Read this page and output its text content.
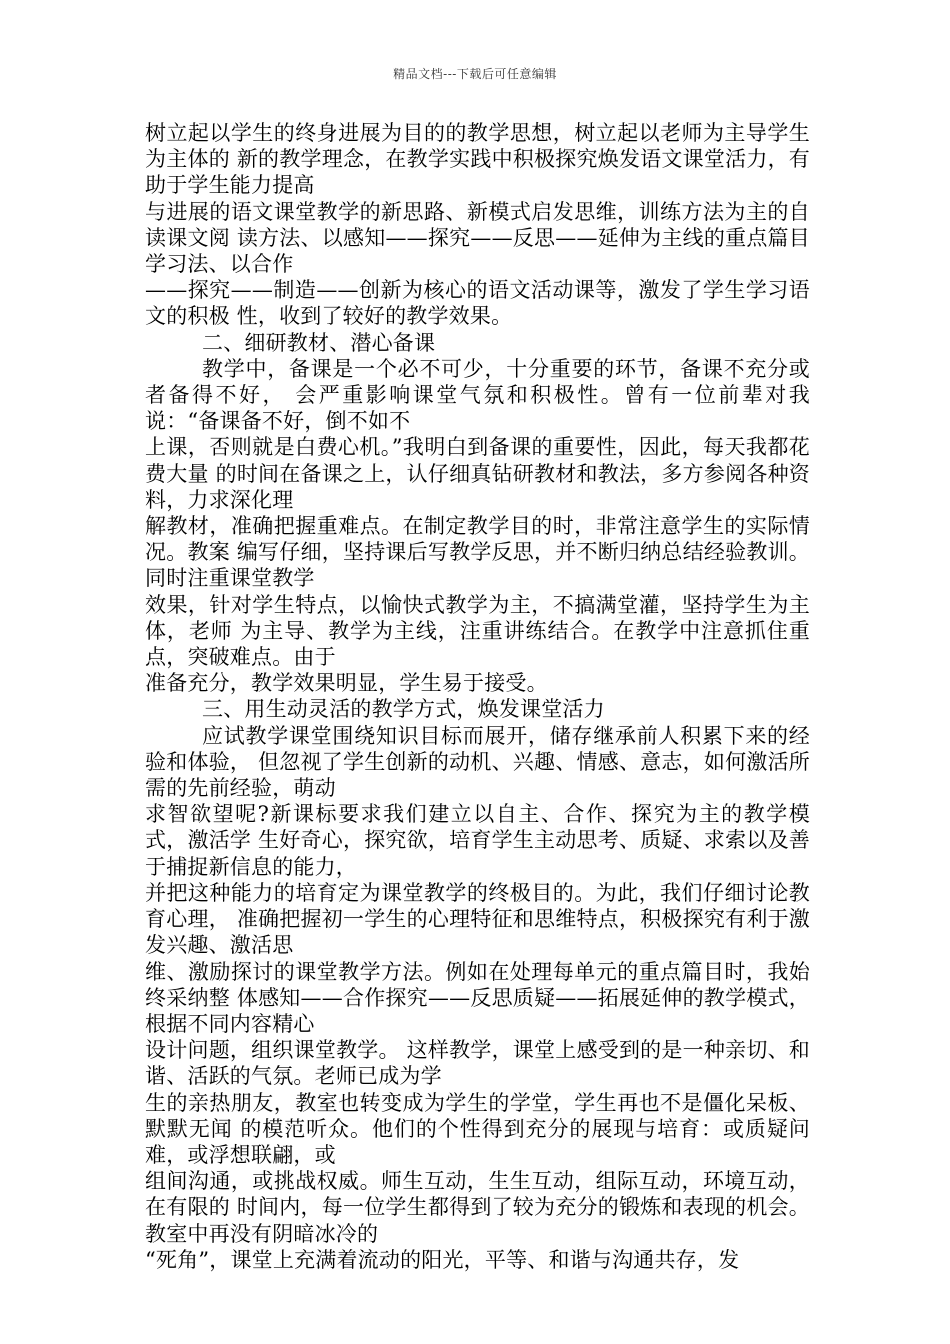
精品文档---下载后可任意编辑

树立起以学生的终身进展为目的的教学思想，树立起以老师为主导学生为主体的 新的教学理念，在教学实践中积极探究焕发语文课堂活力，有助于学生能力提高

与进展的语文课堂教学的新思路、新模式启发思维，训练方法为主的自读课文阅 读方法、以感知——探究——反思——延伸为主线的重点篇目学习法、以合作

——探究——制造——创新为核心的语文活动课等，激发了学生学习语文的积极 性，收到了较好的教学效果。

二、细研教材、潜心备课

教学中，备课是一个必不可少，十分重要的环节，备课不充分或者备得不好， 会严重影响课堂气氛和积极性。曾有一位前辈对我说：“备课备不好，倒不如不

上课，否则就是白费心机。”我明白到备课的重要性，因此，每天我都花费大量 的时间在备课之上，认仔细真钻研教材和教法，多方参阅各种资料，力求深化理

解教材，准确把握重难点。在制定教学目的时，非常注意学生的实际情况。教案 编写仔细，坚持课后写教学反思，并不断归纳总结经验教训。同时注重课堂教学

效果，针对学生特点，以愉快式教学为主，不搞满堂灌，坚持学生为主体，老师 为主导、教学为主线，注重讲练结合。在教学中注意抓住重点，突破难点。由于

准备充分，教学效果明显，学生易于接受。

三、用生动灵活的教学方式，焕发课堂活力

应试教学课堂围绕知识目标而展开，储存继承前人积累下来的经验和体验， 但忽视了学生创新的动机、兴趣、情感、意志，如何激活所需的先前经验，萌动

求智欲望呢?新课标要求我们建立以自主、合作、探究为主的教学模式，激活学 生好奇心，探究欲，培育学生主动思考、质疑、求索以及善于捕捉新信息的能力，

并把这种能力的培育定为课堂教学的终极目的。为此，我们仔细讨论教育心理， 准确把握初一学生的心理特征和思维特点，积极探究有利于激发兴趣、激活思

维、激励探讨的课堂教学方法。例如在处理每单元的重点篇目时，我始终采纳整 体感知——合作探究——反思质疑——拓展延伸的教学模式，根据不同内容精心

设计问题，组织课堂教学。 这样教学，课堂上感受到的是一种亲切、和谐、活跃的气氛。老师已成为学

生的亲热朋友，教室也转变成为学生的学堂，学生再也不是僵化呆板、默默无闻 的模范听众。他们的个性得到充分的展现与培育：或质疑问难，或浮想联翩，或

组间沟通，或挑战权威。师生互动，生生互动，组际互动，环境互动，在有限的 时间内，每一位学生都得到了较为充分的锻炼和表现的机会。教室中再没有阴暗冰冷的

“死角”，课堂上充满着流动的阳光，平等、和谐与沟通共存，发
